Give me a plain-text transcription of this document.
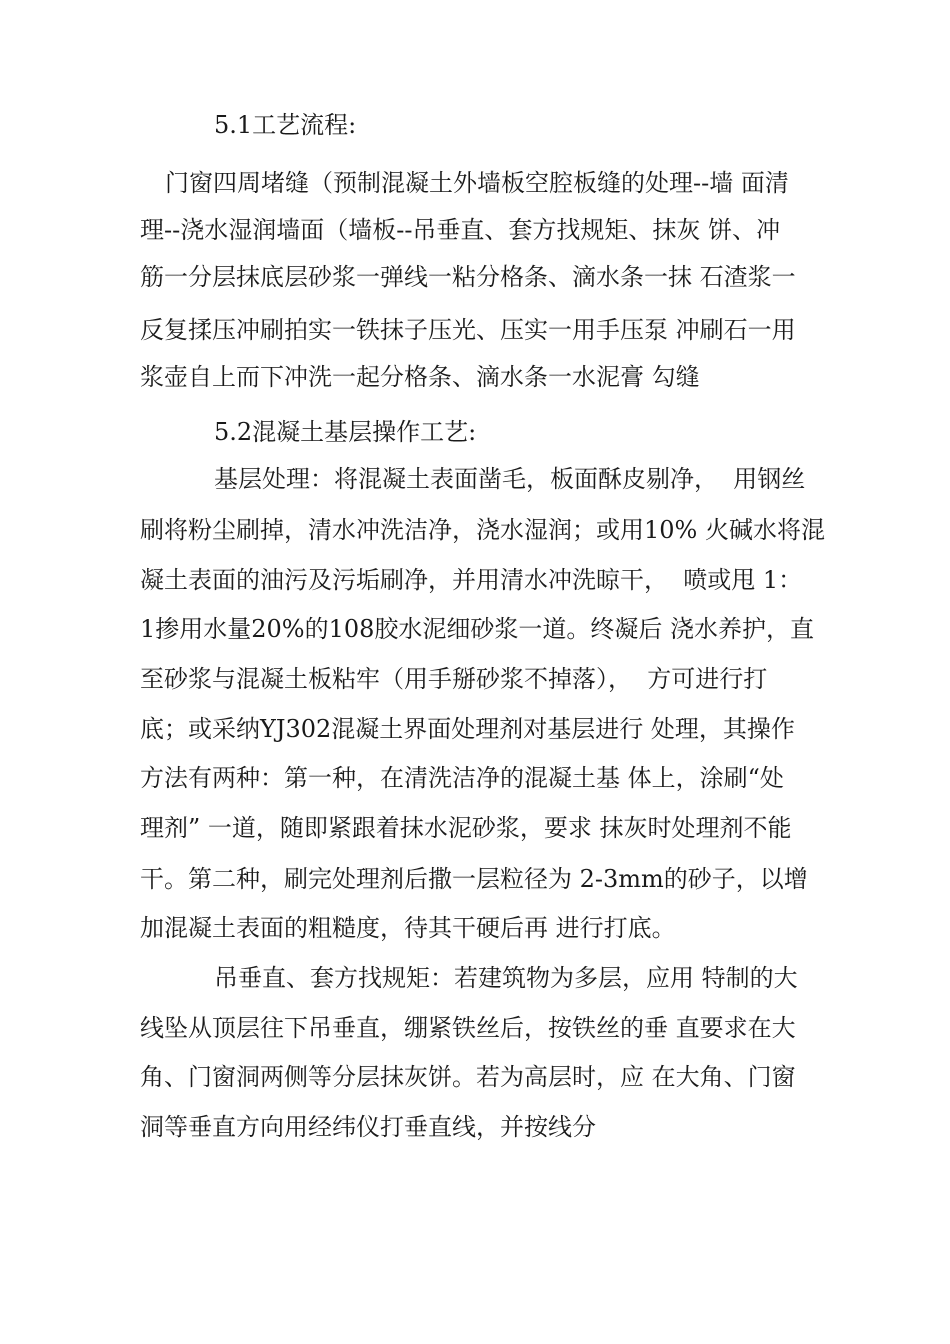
5.1工艺流程:
门窗四周堵缝（预制混凝土外墙板空腔板缝的处理--墙 面清
理--浇水湿润墙面（墙板--吊垂直、套方找规矩、抹灰 饼、冲
筋一分层抹底层砂浆一弹线一粘分格条、滴水条一抹 石渣浆一
反复揉压冲刷拍实一铁抹子压光、压实一用手压泵 冲刷石一用
浆壶自上而下冲洗一起分格条、滴水条一水泥膏 勾缝
5.2混凝土基层操作工艺:
基层处理：将混凝土表面凿毛，板面酥皮剔净，  用钢丝
刷将粉尘刷掉，清水冲洗洁净，浇水湿润；或用10% 火碱水将混
凝土表面的油污及污垢刷净，并用清水冲洗晾干，  喷或甩 1：
1掺用水量20%的108胶水泥细砂浆一道。终凝后 浇水养护，直
至砂浆与混凝土板粘牢（用手掰砂浆不掉落），  方可进行打
底；或采纳YJ302混凝土界面处理剂对基层进行 处理，其操作
方法有两种：第一种，在清洗洁净的混凝土基 体上，涂刷“处
理剂” 一道，随即紧跟着抹水泥砂浆，要求 抹灰时处理剂不能
干。第二种，刷完处理剂后撒一层粒径为 2-3mm的砂子，以增
加混凝土表面的粗糙度，待其干硬后再 进行打底。
吊垂直、套方找规矩：若建筑物为多层，应用 特制的大
线坠从顶层往下吊垂直，绷紧铁丝后，按铁丝的垂 直要求在大
角、门窗洞两侧等分层抹灰饼。若为高层时，应 在大角、门窗
洞等垂直方向用经纬仪打垂直线，并按线分
